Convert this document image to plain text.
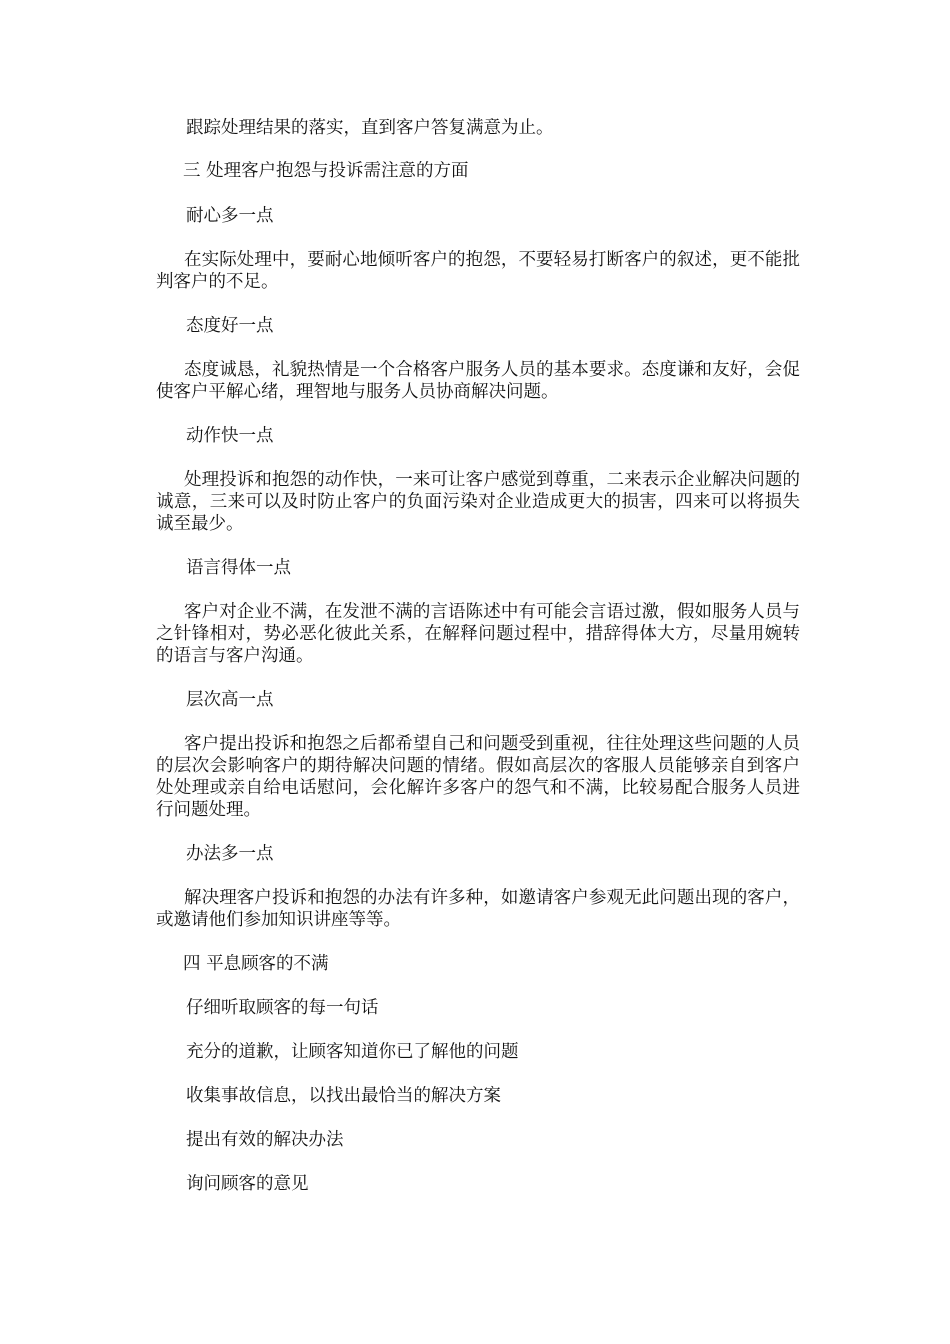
跟踪处理结果的落实，直到客户答复满意为止。

三 处理客户抱怨与投诉需注意的方面

耐心多一点

在实际处理中，要耐心地倾听客户的抱怨，不要轻易打断客户的叙述，更不能批判客户的不足。

态度好一点

态度诚恳，礼貌热情是一个合格客户服务人员的基本要求。态度谦和友好，会促使客户平解心绪，理智地与服务人员协商解决问题。

动作快一点

处理投诉和抱怨的动作快，一来可让客户感觉到尊重，二来表示企业解决问题的诚意，三来可以及时防止客户的负面污染对企业造成更大的损害，四来可以将损失诚至最少。

语言得体一点

客户对企业不满，在发泄不满的言语陈述中有可能会言语过激，假如服务人员与之针锋相对，势必恶化彼此关系，在解释问题过程中，措辞得体大方，尽量用婉转的语言与客户沟通。

层次高一点

客户提出投诉和抱怨之后都希望自己和问题受到重视，往往处理这些问题的人员的层次会影响客户的期待解决问题的情绪。假如高层次的客服人员能够亲自到客户处处理或亲自给电话慰问，会化解许多客户的怨气和不满，比较易配合服务人员进行问题处理。

办法多一点

解决理客户投诉和抱怨的办法有许多种，如邀请客户参观无此问题出现的客户，或邀请他们参加知识讲座等等。

四 平息顾客的不满

仔细听取顾客的每一句话

充分的道歉，让顾客知道你已了解他的问题

收集事故信息，以找出最恰当的解决方案

提出有效的解决办法

询问顾客的意见
